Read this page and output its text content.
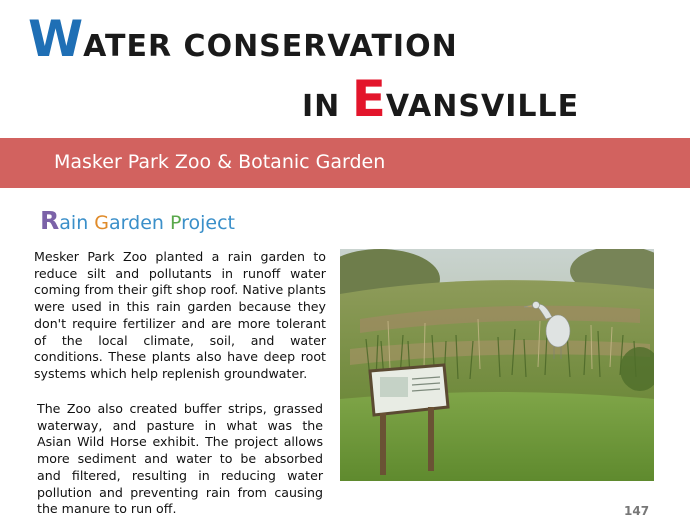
WATER CONSERVATION
IN EVANSVILLE
Masker Park Zoo & Botanic Garden
Rain Garden Project
Mesker Park Zoo planted a rain garden to reduce silt and pollutants in runoff water coming from their gift shop roof. Native plants were used in this rain garden because they don't require fertilizer and are more tolerant of the local climate, soil, and water conditions. These plants also have deep root systems which help replenish groundwater.
The Zoo also created buffer strips, grassed waterway, and pasture in what was the Asian Wild Horse exhibit. The project allows more sediment and water to be absorbed and filtered, resulting in reducing water pollution and preventing rain from causing the manure to run off.	147
